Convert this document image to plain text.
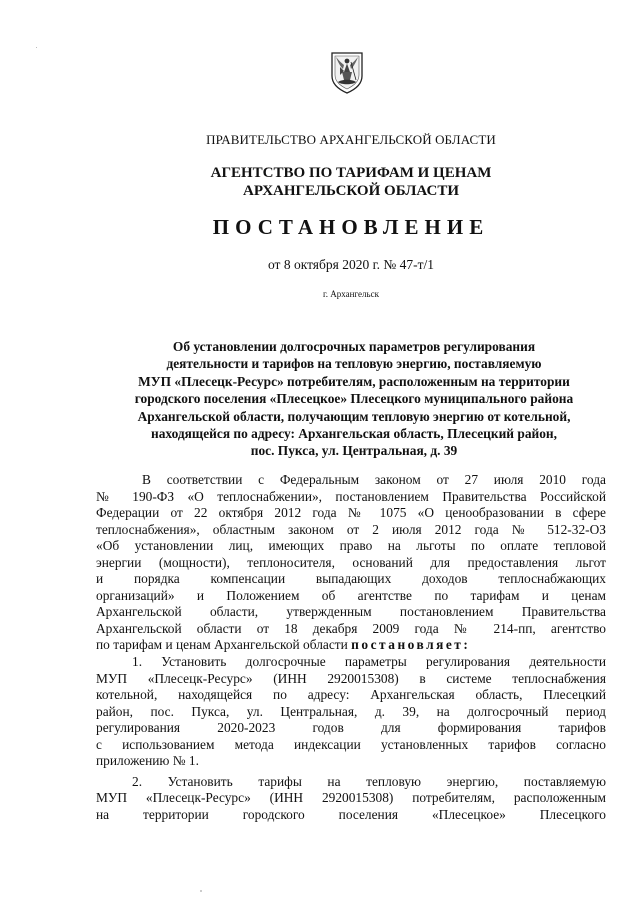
ПРАВИТЕЛЬСТВО АРХАНГЕЛЬСКОЙ ОБЛАСТИ
АГЕНТСТВО ПО ТАРИФАМ И ЦЕНАМ
АРХАНГЕЛЬСКОЙ ОБЛАСТИ
ПОСТАНОВЛЕНИЕ
от 8 октября 2020 г. № 47-т/1
г. Архангельск
Об установлении долгосрочных параметров регулирования
деятельности и тарифов на тепловую энергию, поставляемую
МУП «Плесецк-Ресурс» потребителям, расположенным на территории
городского поселения «Плесецкое» Плесецкого муниципального района
Архангельской области, получающим тепловую энергию от котельной,
находящейся по адресу: Архангельская область, Плесецкий район,
пос. Пукса, ул. Центральная, д. 39
В соответствии с Федеральным законом от 27 июля 2010 года
№ 190-ФЗ «О теплоснабжении», постановлением Правительства Российской
Федерации от 22 октября 2012 года № 1075 «О ценообразовании в сфере
теплоснабжения», областным законом от 2 июля 2012 года № 512-32-ОЗ
«Об установлении лиц, имеющих право на льготы по оплате тепловой
энергии (мощности), теплоносителя, оснований для предоставления льгот
и порядка компенсации выпадающих доходов теплоснабжающих
организаций» и Положением об агентстве по тарифам и ценам
Архангельской области, утвержденным постановлением Правительства
Архангельской области от 18 декабря 2009 года № 214-пп, агентство
по тарифам и ценам Архангельской области постановляет:
1. Установить долгосрочные параметры регулирования деятельности
МУП «Плесецк-Ресурс» (ИНН 2920015308) в системе теплоснабжения
котельной, находящейся по адресу: Архангельская область, Плесецкий
район, пос. Пукса, ул. Центральная, д. 39, на долгосрочный период
регулирования 2020-2023 годов для формирования тарифов
с использованием метода индексации установленных тарифов согласно
приложению № 1.
2. Установить тарифы на тепловую энергию, поставляемую
МУП «Плесецк-Ресурс» (ИНН 2920015308) потребителям, расположенным
на территории городского поселения «Плесецкое» Плесецкого
